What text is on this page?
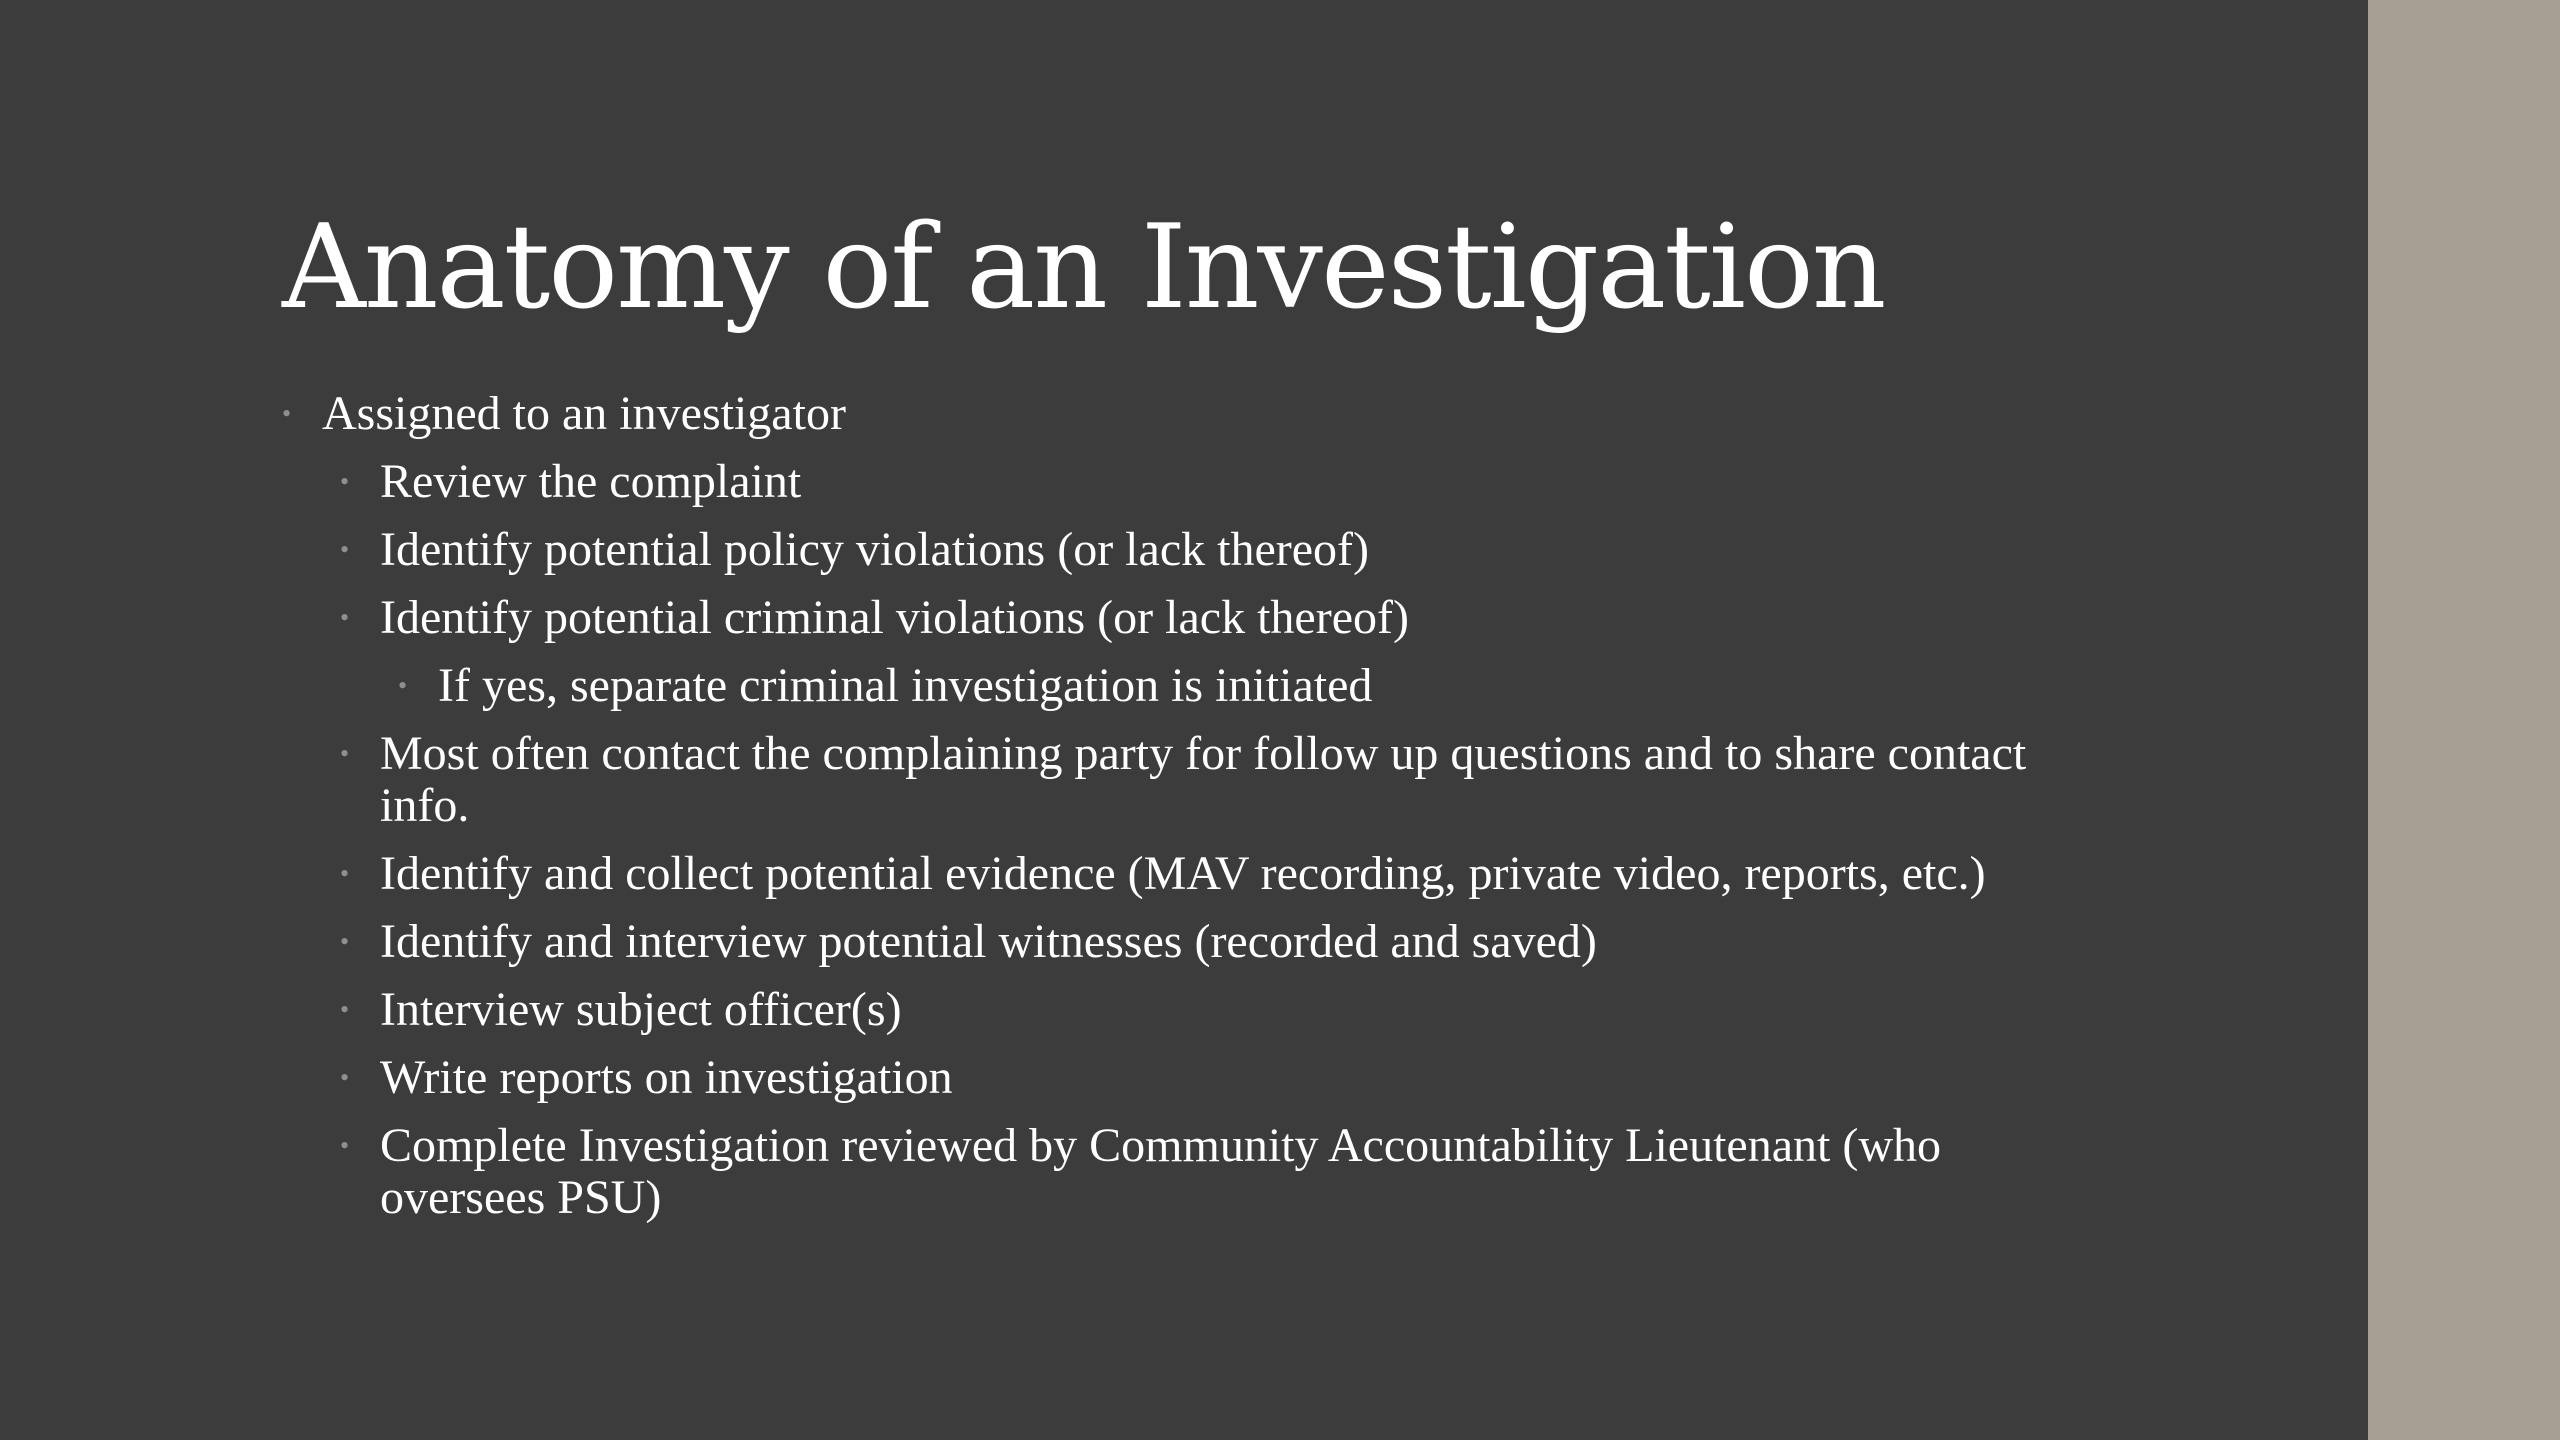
Anatomy of an Investigation
• Assigned to an investigator
• Review the complaint
• Identify potential policy violations (or lack thereof)
• Identify potential criminal violations (or lack thereof)
• If yes, separate criminal investigation is initiated
• Most often contact the complaining party for follow up questions and to share contact info.
• Identify and collect potential evidence (MAV recording, private video, reports, etc.)
• Identify and interview potential witnesses (recorded and saved)
• Interview subject officer(s)
• Write reports on investigation
• Complete Investigation reviewed by Community Accountability Lieutenant (who oversees PSU)
